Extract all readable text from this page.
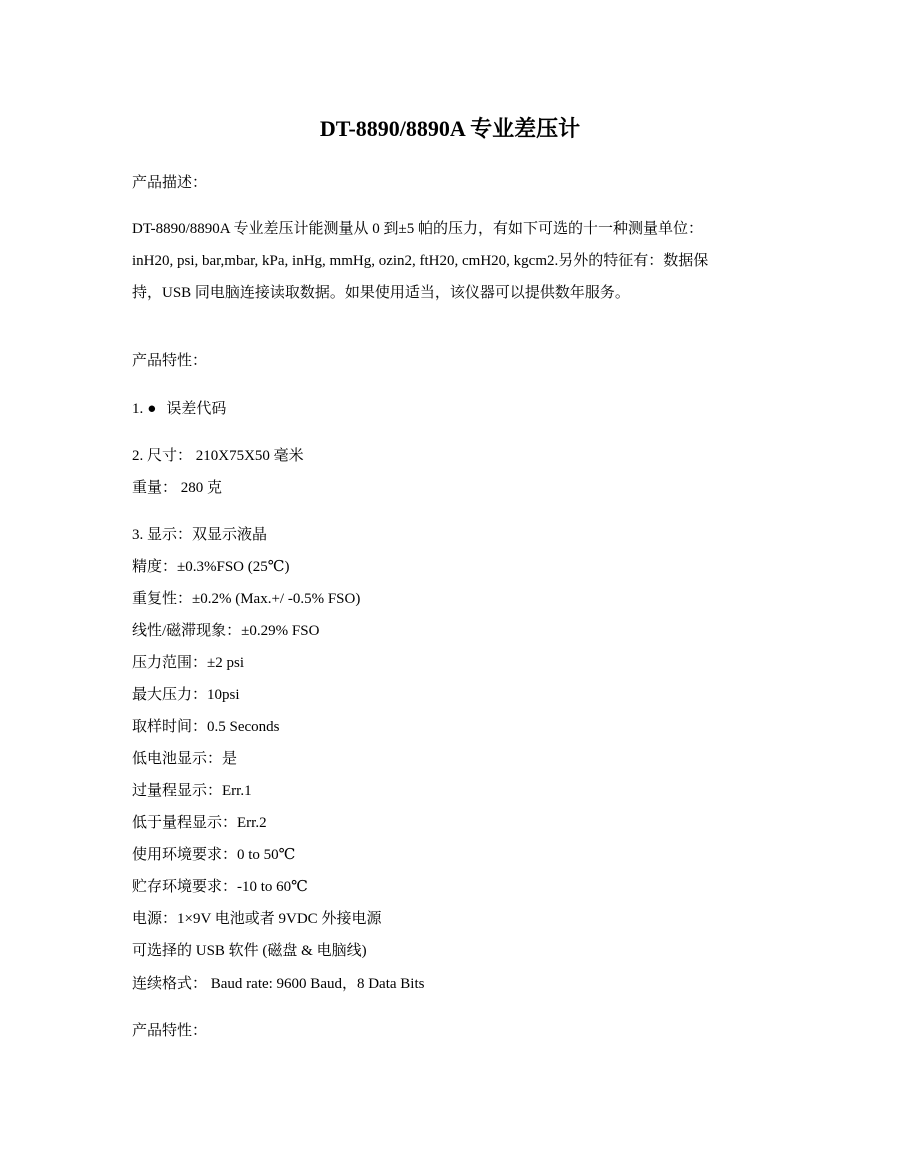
DT-8890/8890A 专业差压计
产品描述：
DT-8890/8890A 专业差压计能测量从 0 到±5 帕的压力，有如下可选的十一种测量单位：
inH20, psi, bar,mbar, kPa, inHg, mmHg, ozin2, ftH20, cmH20, kgcm2.另外的特征有：数据保
持，USB 同电脑连接读取数据。如果使用适当，该仪器可以提供数年服务。
产品特性：
1. ● 误差代码
2. 尺寸： 210X75X50 毫米
重量： 280 克
3. 显示：双显示液晶
精度：±0.3%FSO (25℃)
重复性：±0.2% (Max.+/ -0.5% FSO)
线性/磁滞现象：±0.29% FSO
压力范围：±2 psi
最大压力：10psi
取样时间：0.5 Seconds
低电池显示：是
过量程显示：Err.1
低于量程显示：Err.2
使用环境要求：0 to 50℃
贮存环境要求：-10 to 60℃
电源：1×9V 电池或者 9VDC 外接电源
可选择的 USB 软件 (磁盘 & 电脑线)
连续格式： Baud rate: 9600 Baud，8 Data Bits
产品特性：
